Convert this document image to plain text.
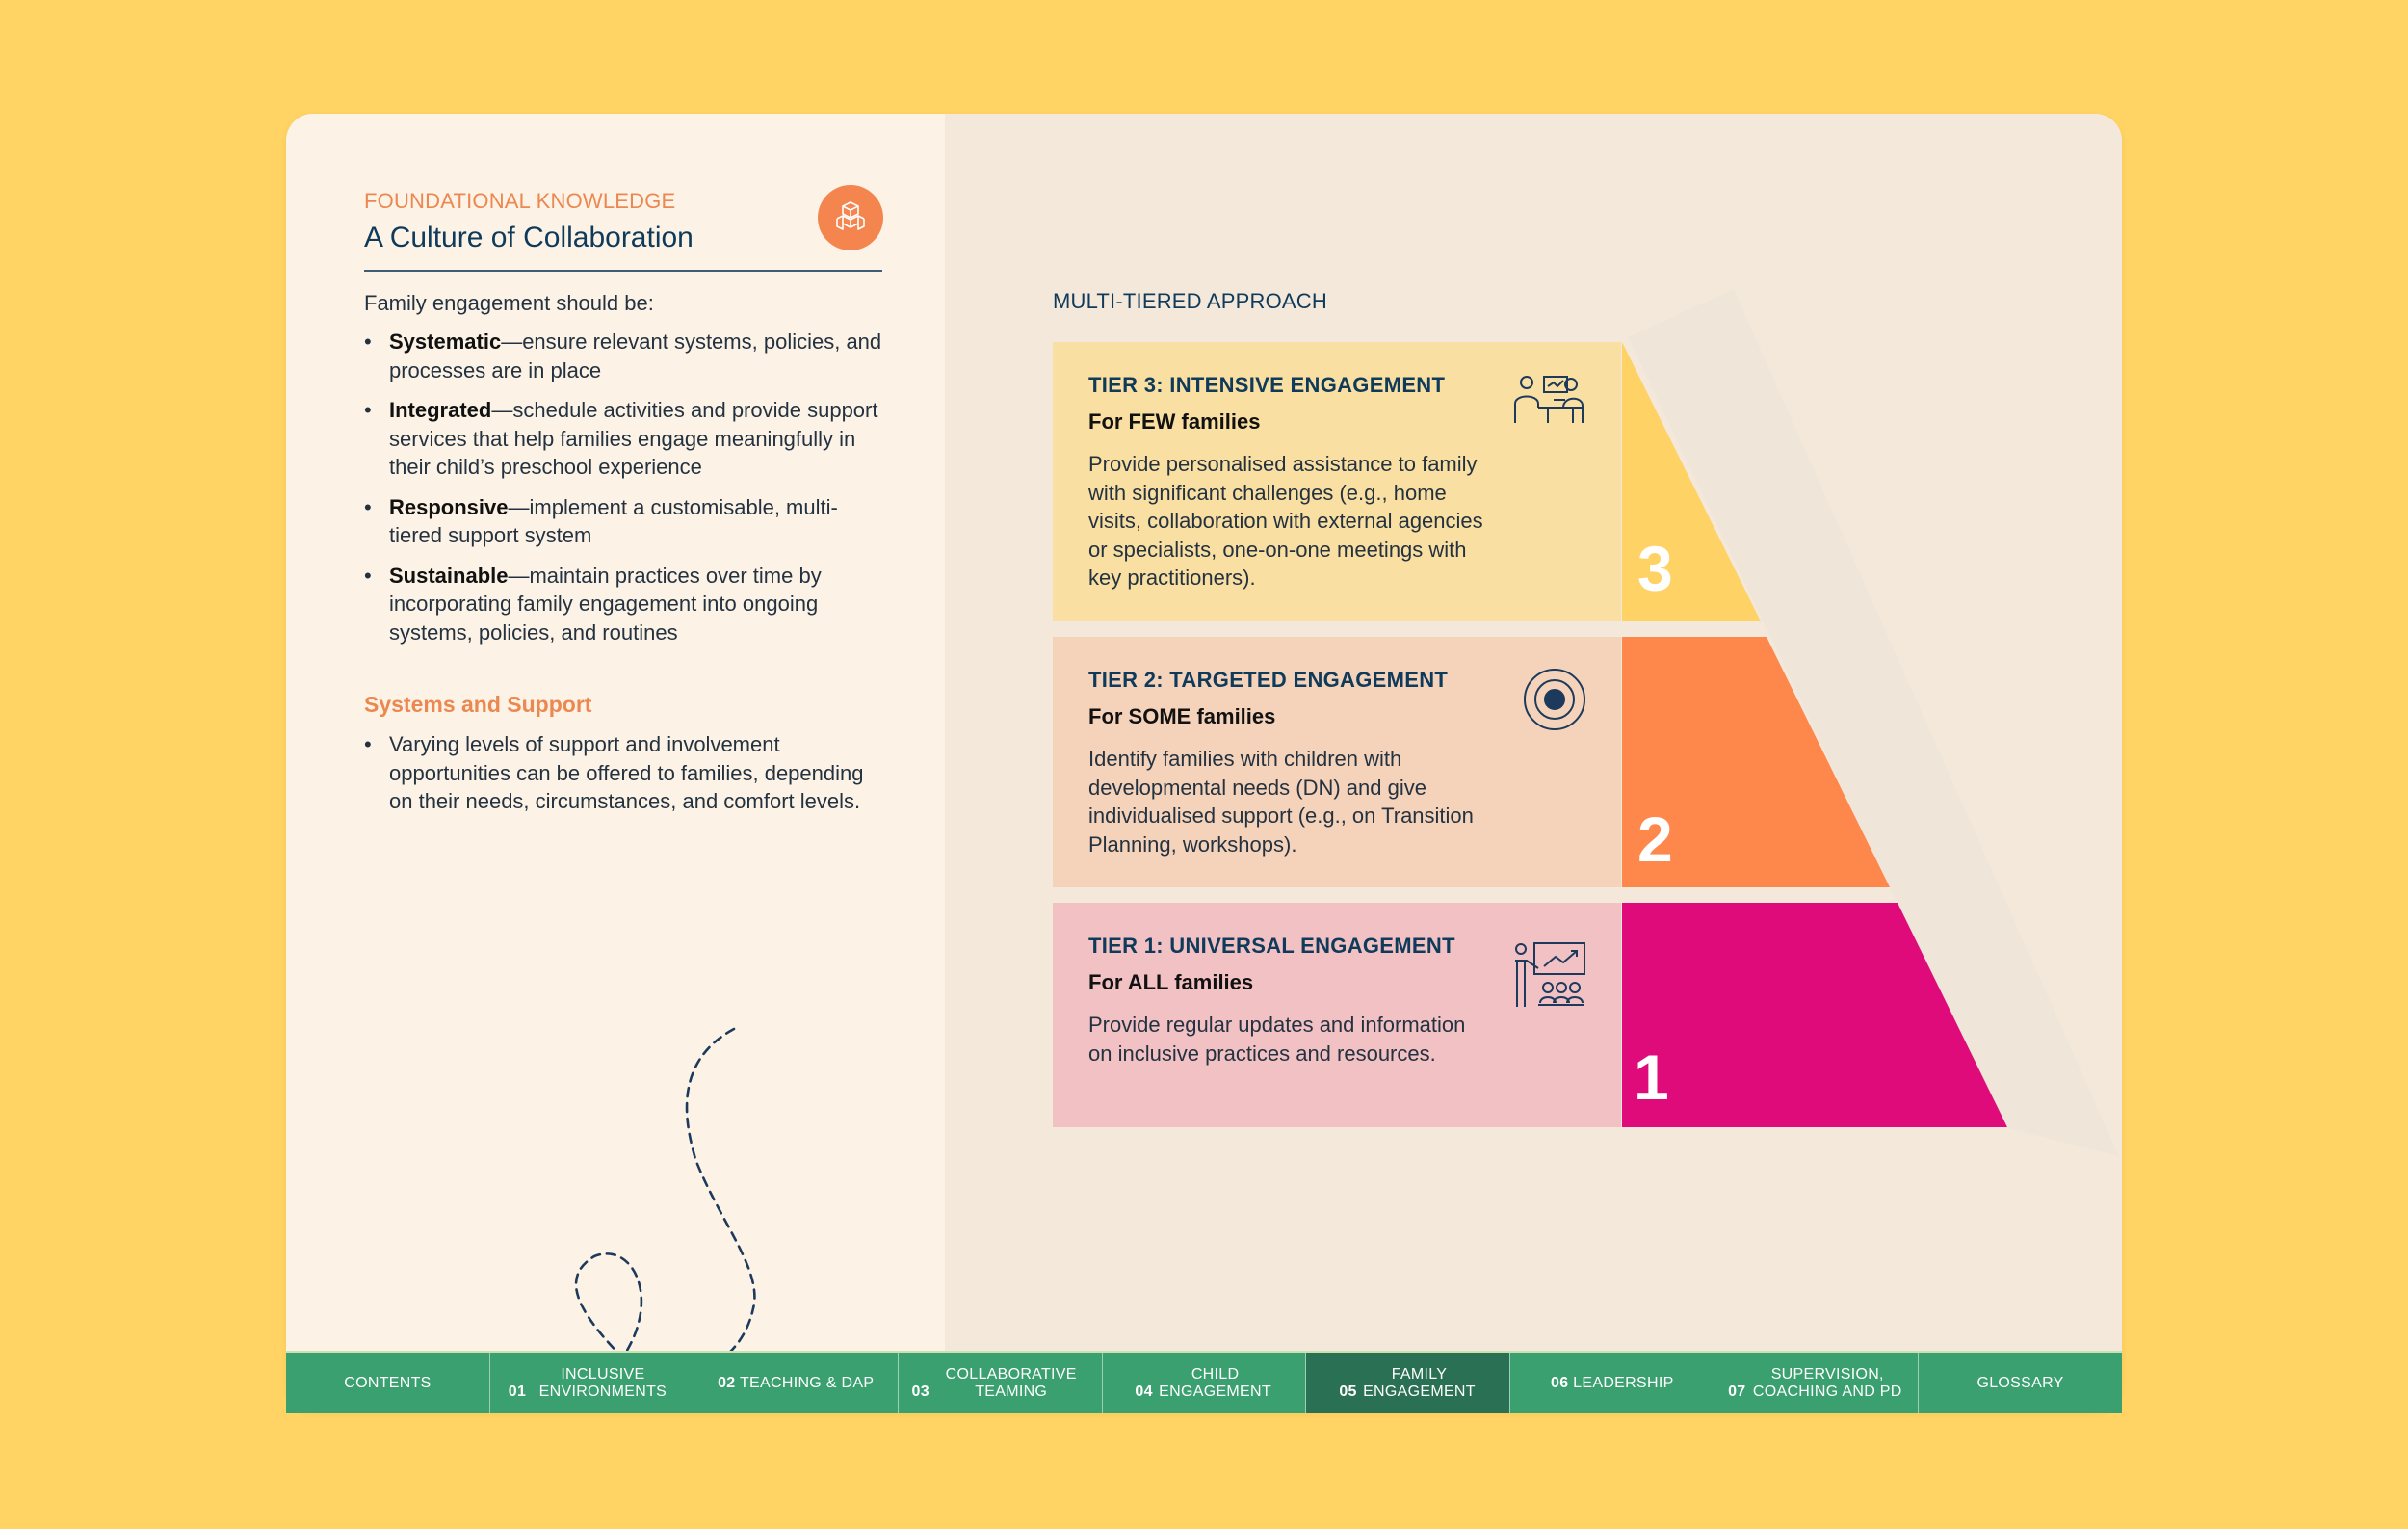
FOUNDATIONAL KNOWLEDGE
A Culture of Collaboration
Family engagement should be:
• Systematic—ensure relevant systems, policies, and processes are in place
• Integrated—schedule activities and provide support services that help families engage meaningfully in their child’s preschool experience
• Responsive—implement a customisable, multi-tiered support system
• Sustainable—maintain practices over time by incorporating family engagement into ongoing systems, policies, and routines
Systems and Support
• Varying levels of support and involvement opportunities can be offered to families, depending on their needs, circumstances, and comfort levels.
MULTI-TIERED APPROACH
TIER 3: INTENSIVE ENGAGEMENT
For FEW families
Provide personalised assistance to family with significant challenges (e.g., home visits, collaboration with external agencies or specialists, one-on-one meetings with key practitioners).	3
TIER 2: TARGETED ENGAGEMENT
For SOME families
Identify families with children with developmental needs (DN) and give individualised support (e.g., on Transition Planning, workshops).	2
TIER 1: UNIVERSAL ENGAGEMENT
For ALL families
Provide regular updates and information on inclusive practices and resources.	1
CONTENTS
01 INCLUSIVE ENVIRONMENTS
02 TEACHING & DAP
03 COLLABORATIVE TEAMING	04 CHILD ENGAGEMENT	05 FAMILY ENGAGEMENT
06 LEADERSHIP
07 SUPERVISION, COACHING AND PD
GLOSSARY
